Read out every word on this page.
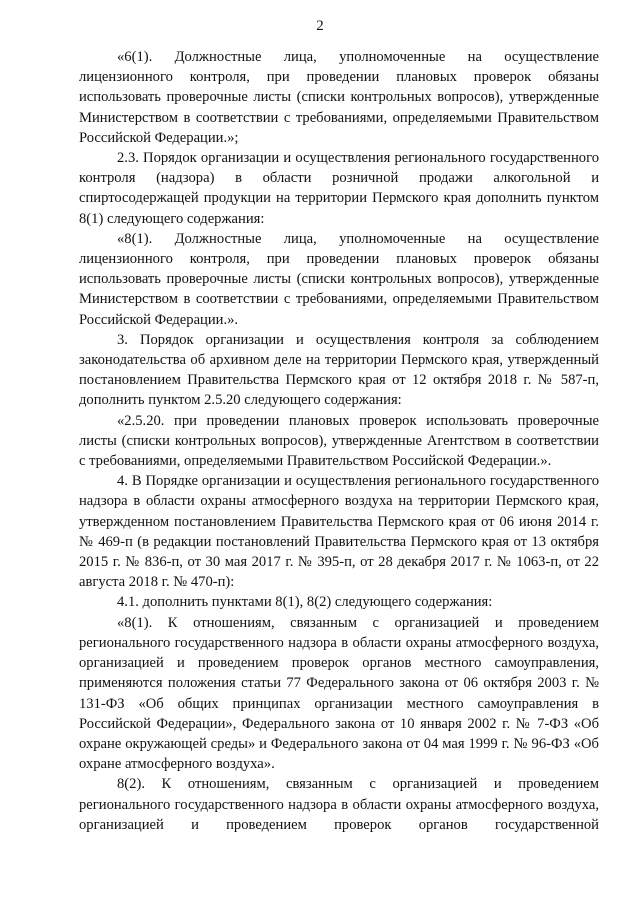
2

«6(1). Должностные лица, уполномоченные на осуществление лицензионного контроля, при проведении плановых проверок обязаны использовать проверочные листы (списки контрольных вопросов), утвержденные Министерством в соответствии с требованиями, определяемыми Правительством Российской Федерации.»;

2.3. Порядок организации и осуществления регионального государственного контроля (надзора) в области розничной продажи алкогольной и спиртосодержащей продукции на территории Пермского края дополнить пунктом 8(1) следующего содержания:

«8(1). Должностные лица, уполномоченные на осуществление лицензионного контроля, при проведении плановых проверок обязаны использовать проверочные листы (списки контрольных вопросов), утвержденные Министерством в соответствии с требованиями, определяемыми Правительством Российской Федерации.».

3. Порядок организации и осуществления контроля за соблюдением законодательства об архивном деле на территории Пермского края, утвержденный постановлением Правительства Пермского края от 12 октября 2018 г. № 587-п, дополнить пунктом 2.5.20 следующего содержания:

«2.5.20. при проведении плановых проверок использовать проверочные листы (списки контрольных вопросов), утвержденные Агентством в соответствии с требованиями, определяемыми Правительством Российской Федерации.».

4. В Порядке организации и осуществления регионального государственного надзора в области охраны атмосферного воздуха на территории Пермского края, утвержденном постановлением Правительства Пермского края от 06 июня 2014 г. № 469-п (в редакции постановлений Правительства Пермского края от 13 октября 2015 г. № 836-п, от 30 мая 2017 г. № 395-п, от 28 декабря 2017 г. № 1063-п, от 22 августа 2018 г. № 470-п):

4.1. дополнить пунктами 8(1), 8(2) следующего содержания:

«8(1). К отношениям, связанным с организацией и проведением регионального государственного надзора в области охраны атмосферного воздуха, организацией и проведением проверок органов местного самоуправления, применяются положения статьи 77 Федерального закона от 06 октября 2003 г. № 131-ФЗ «Об общих принципах организации местного самоуправления в Российской Федерации», Федерального закона от 10 января 2002 г. № 7-ФЗ «Об охране окружающей среды» и Федерального закона от 04 мая 1999 г. № 96-ФЗ «Об охране атмосферного воздуха».

8(2). К отношениям, связанным с организацией и проведением регионального государственного надзора в области охраны атмосферного воздуха, организацией и проведением проверок органов государственной
